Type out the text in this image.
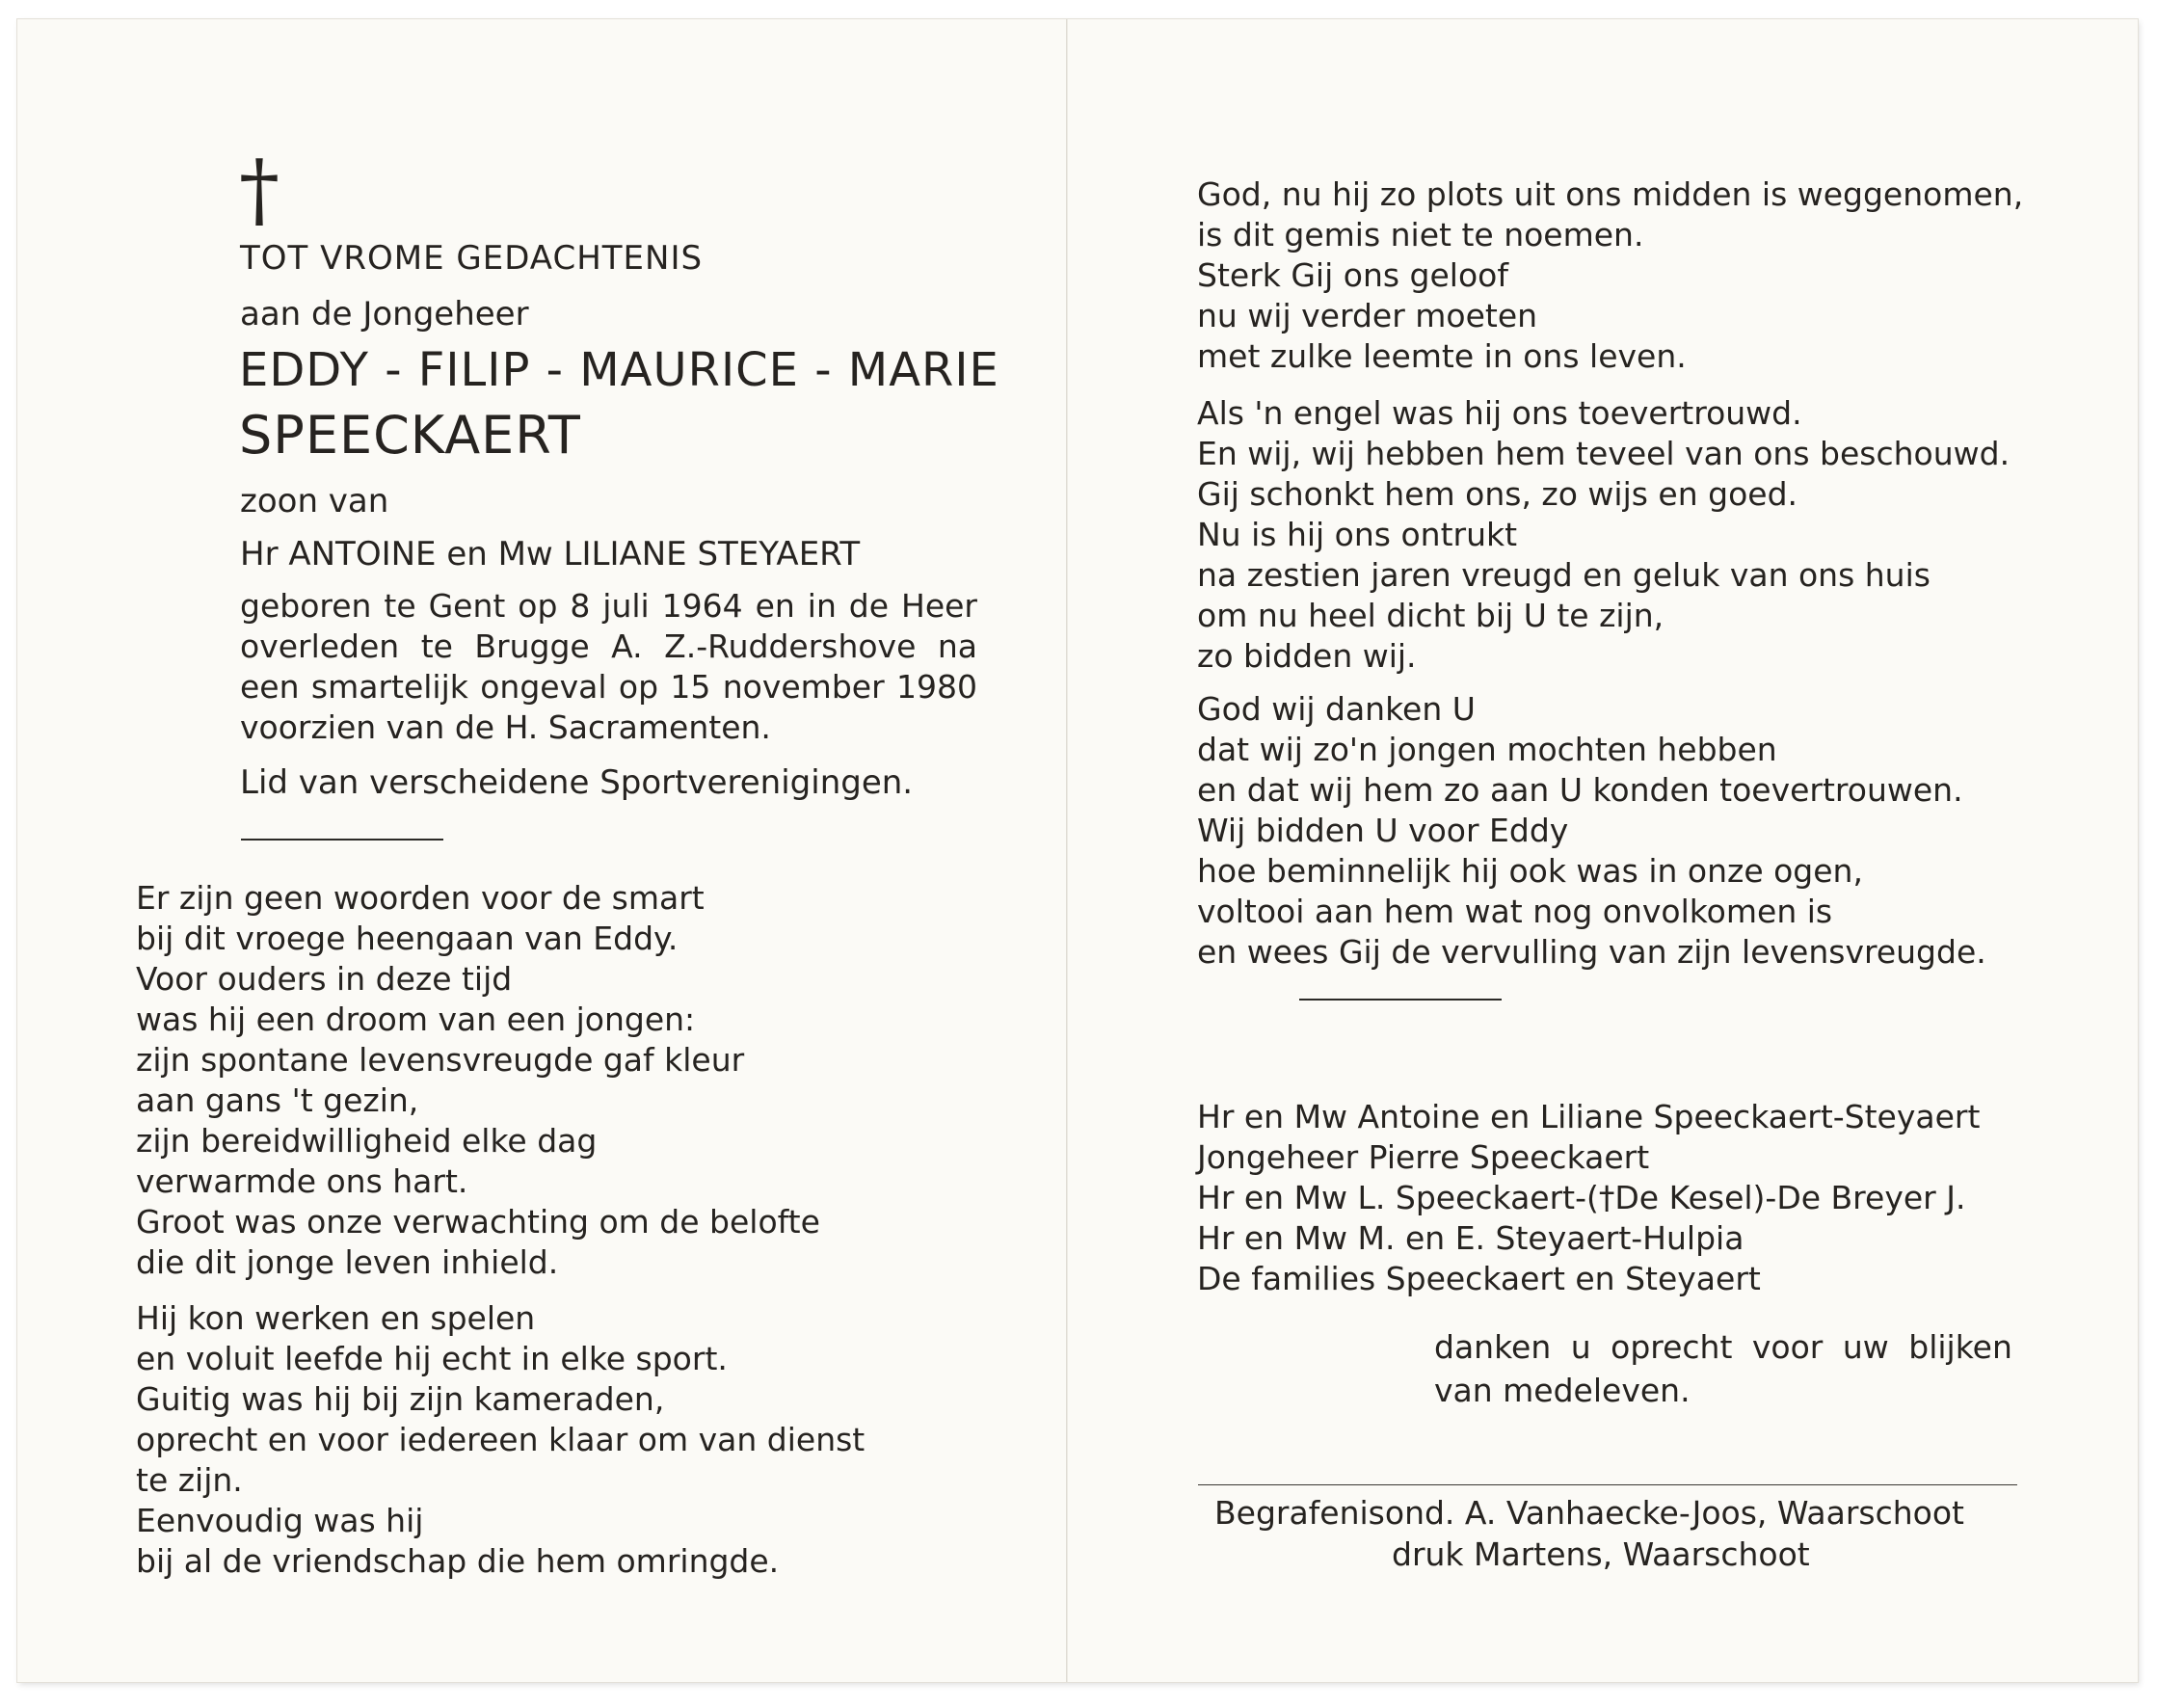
†
TOT VROME GEDACHTENIS
aan de Jongeheer
EDDY - FILIP - MAURICE - MARIE
SPEECKAERT
zoon van
Hr ANTOINE en Mw LILIANE STEYAERT
geboren te Gent op 8 juli 1964 en in de Heer
overleden te Brugge A. Z.-Ruddershove na
een smartelijk ongeval op 15 november 1980
voorzien van de H. Sacramenten.
Lid van verscheidene Sportverenigingen.
Er zijn geen woorden voor de smart
bij dit vroege heengaan van Eddy.
Voor ouders in deze tijd
was hij een droom van een jongen:
zijn spontane levensvreugde gaf kleur
aan gans 't gezin,
zijn bereidwilligheid elke dag
verwarmde ons hart.
Groot was onze verwachting om de belofte
die dit jonge leven inhield.
Hij kon werken en spelen
en voluit leefde hij echt in elke sport.
Guitig was hij bij zijn kameraden,
oprecht en voor iedereen klaar om van dienst
te zijn.
Eenvoudig was hij
bij al de vriendschap die hem omringde.
God, nu hij zo plots uit ons midden is weggenomen,
is dit gemis niet te noemen.
Sterk Gij ons geloof
nu wij verder moeten
met zulke leemte in ons leven.
Als 'n engel was hij ons toevertrouwd.
En wij, wij hebben hem teveel van ons beschouwd.
Gij schonkt hem ons, zo wijs en goed.
Nu is hij ons ontrukt
na zestien jaren vreugd en geluk van ons huis
om nu heel dicht bij U te zijn,
zo bidden wij.
God wij danken U
dat wij zo'n jongen mochten hebben
en dat wij hem zo aan U konden toevertrouwen.
Wij bidden U voor Eddy
hoe beminnelijk hij ook was in onze ogen,
voltooi aan hem wat nog onvolkomen is
en wees Gij de vervulling van zijn levensvreugde.
Hr en Mw Antoine en Liliane Speeckaert-Steyaert
Jongeheer Pierre Speeckaert
Hr en Mw L. Speeckaert-(†De Kesel)-De Breyer J.
Hr en Mw M. en E. Steyaert-Hulpia
De families Speeckaert en Steyaert
danken u oprecht voor uw blijken
van medeleven.
Begrafenisond. A. Vanhaecke-Joos, Waarschoot
druk Martens, Waarschoot
